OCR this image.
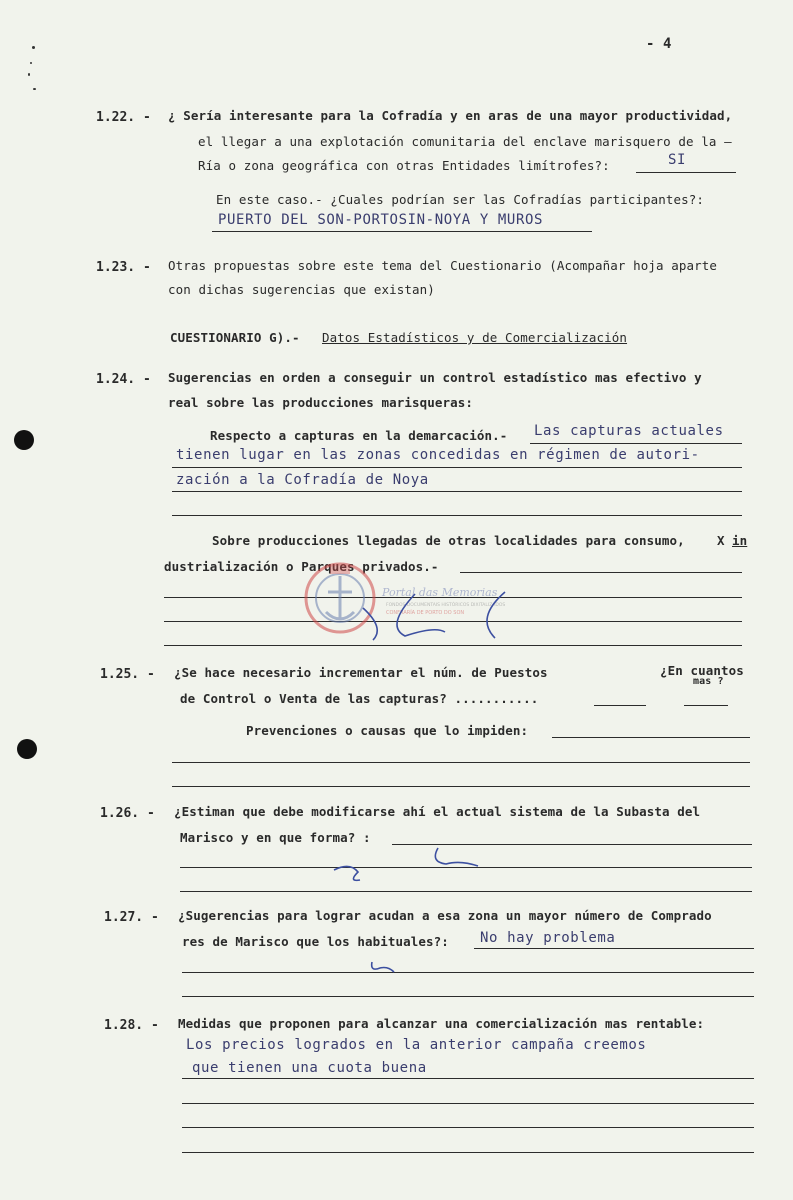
- 4
1.22. - ¿ Sería interesante para la Cofradía y en aras de una mayor productividad,
el llegar a una explotación comunitaria del enclave marisquero de la —
Ría o zona geográfica con otras Entidades limítrofes?:	SI
En este caso.- ¿Cuales podrían ser las Cofradías participantes?:
PUERTO DEL SON-PORTOSIN-NOYA Y MUROS
1.23. - Otras propuestas sobre este tema del Cuestionario (Acompañar hoja aparte
con dichas sugerencias que existan)
CUESTIONARIO G).- Datos Estadísticos y de Comercialización
1.24. - Sugerencias en orden a conseguir un control estadístico mas efectivo y
real sobre las producciones marisqueras:
Respecto a capturas en la demarcación.- Las capturas actuales
tienen lugar en las zonas concedidas en régimen de autori-
zación a la Cofradía de Noya
Sobre producciones llegadas de otras localidades para consumo,	X in
dustrialización o Parques privados.-
Portal das Memorias
FONDOS DOCUMENTAIS HISTÓRICOS DIXITALIZADOS
CONFRARÍA DE PORTO DO SON
1.25. - ¿Se hace necesario incrementar el núm. de Puestos	¿En cuantos
mas ?
de Control o Venta de las capturas? ...........
Prevenciones o causas que lo impiden:
1.26. - ¿Estiman que debe modificarse ahí el actual sistema de la Subasta del
Marisco y en que forma? :
1.27. - ¿Sugerencias para lograr acudan a esa zona un mayor número de Comprado
res de Marisco que los habituales?: No hay problema
1.28. - Medidas que proponen para alcanzar una comercialización mas rentable:
Los precios logrados en la anterior campaña creemos
que tienen una cuota buena
